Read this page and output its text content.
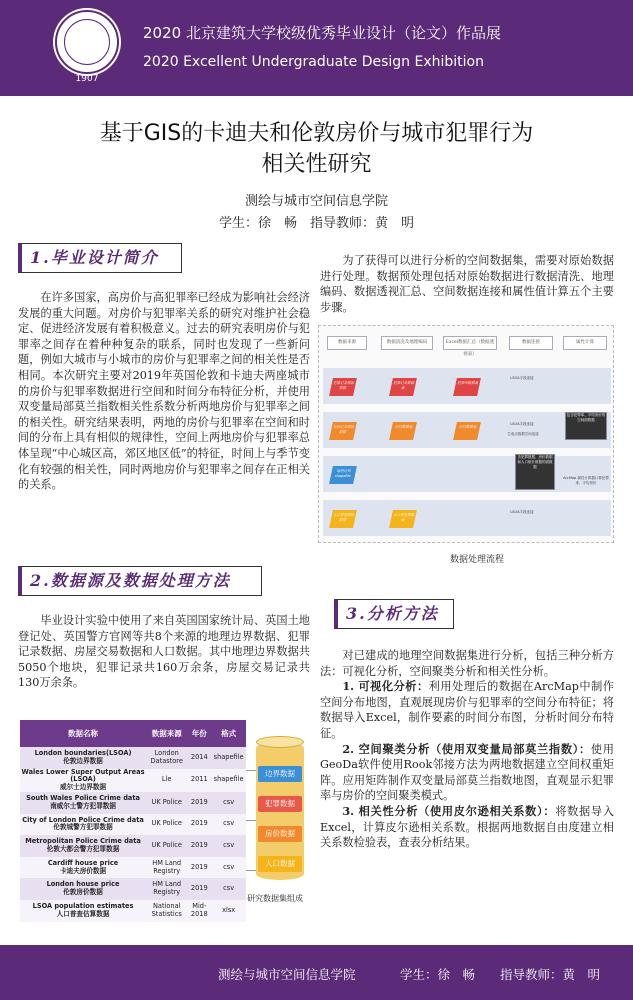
1907
2020 北京建筑大学校级优秀毕业设计（论文）作品展
2020 Excellent Undergraduate Design Exhibition
基于GIS的卡迪夫和伦敦房价与城市犯罪行为
相关性研究
测绘与城市空间信息学院
学生：徐　畅　指导教师：黄　明
1.毕业设计简介

在许多国家，高房价与高犯罪率已经成为影响社会经济发展的重大问题。对房价与犯罪率关系的研究对维护社会稳定、促进经济发展有着积极意义。过去的研究表明房价与犯罪率之间存在着种种复杂的联系，同时也发现了一些新问题，例如大城市与小城市的房价与犯罪率之间的相关性是否相同。本次研究主要对2019年英国伦敦和卡迪夫两座城市的房价与犯罪率数据进行空间和时间分布特征分析，并使用双变量局部莫兰指数相关性系数分析两地房价与犯罪率之间的相关性。研究结果表明，两地的房价与犯罪率在空间和时间的分布上具有相似的规律性，空间上两地房价与犯罪率总体呈现“中心城区高，郊区地区低”的特征，时间上与季节变化有较强的相关性，同时两地房价与犯罪率之间存在正相关的关系。

为了获得可以进行分析的空间数据集，需要对原始数据进行处理。数据预处理包括对原始数据进行数据清洗、地理编码、数据透视汇总、空间数据连接和属性值计算五个主要步骤。

数据来源	数据清洗及地理编码	Excel数据汇总（数据透视表）
数据连接	属性计算
犯罪记录原始数据
房价记录原始数据
地理边界shapefile
人口普查原始数据
犯罪记录数据表
房价数据表
人口普查数据表
犯罪率数据表
房价数据表
LSOA字段连接
LSOA字段连接
生成点数据空间连接
LSOA字段连接
含犯罪数据、房价数据和人口统计数据的面数据
包含犯罪率、平均房价的空间面数据
ArcMap 属性计算器计算犯罪率、平均房价
数据处理流程
2.数据源及数据处理方法

毕业设计实验中使用了来自英国国家统计局、英国土地登记处、英国警方官网等共8个来源的地理边界数据、犯罪记录数据、房屋交易数据和人口数据。其中地理边界数据共5050个地块，犯罪记录共160万余条，房屋交易记录共130万余条。

数据名称	数据来源	年份	格式

London boundaries(LSOA)
伦敦边界数据	London Datastore	2014	shapefile

Wales Lower Super Output Areas (LSOA)
威尔士边界数据	Lle	2011	shapefile

South Wales Police Crime data
南威尔士警方犯罪数据	UK Police	2019	csv

City of London Police Crime data
伦敦城警方犯罪数据	UK Police	2019	csv

Metropolitan Police Crime data
伦敦大都会警方犯罪数据	UK Police	2019	csv

Cardiff house price
卡迪夫房价数据	HM Land Registry	2019	csv

London house price
伦敦房价数据	HM Land Registry	2019	csv

LSOA population estimates
人口普查估算数据	National Statistics	Mid-2018	xlsx
边界数据
犯罪数据
房价数据
人口数据
研究数据集组成
3.分析方法

对已建成的地理空间数据集进行分析，包括三种分析方法：可视化分析，空间聚类分析和相关性分析。

1. 可视化分析：利用处理后的数据在ArcMap中制作空间分布地图，直观展现房价与犯罪率的空间分布特征；将数据导入Excel，制作要素的时间分布图，分析时间分布特征。

2. 空间聚类分析（使用双变量局部莫兰指数）：使用GeoDa软件使用Rook邻接方法为两地数据建立空间权重矩阵。应用矩阵制作双变量局部莫兰指数地图，直观显示犯罪率与房价的空间聚类模式。

3. 相关性分析（使用皮尔逊相关系数）：将数据导入Excel，计算皮尔逊相关系数。根据两地数据自由度建立相关系数检验表，查表分析结果。

测绘与城市空间信息学院	学生：徐　畅　　指导教师：黄　明
